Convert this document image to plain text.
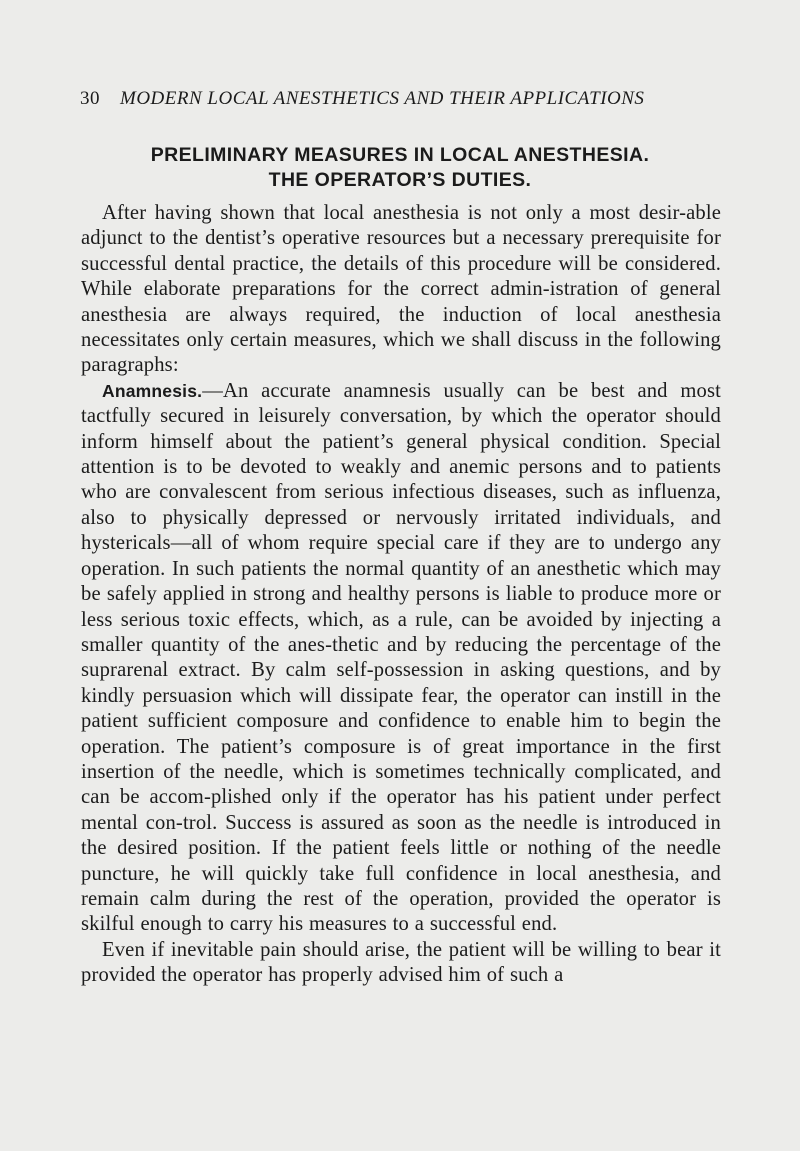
30 MODERN LOCAL ANESTHETICS AND THEIR APPLICATIONS
PRELIMINARY MEASURES IN LOCAL ANESTHESIA.
THE OPERATOR’S DUTIES.

After having shown that local anesthesia is not only a most desir-able adjunct to the dentist’s operative resources but a necessary prerequisite for successful dental practice, the details of this procedure will be considered. While elaborate preparations for the correct admin-istration of general anesthesia are always required, the induction of local anesthesia necessitates only certain measures, which we shall discuss in the following paragraphs:

Anamnesis.—An accurate anamnesis usually can be best and most tactfully secured in leisurely conversation, by which the operator should inform himself about the patient’s general physical condition. Special attention is to be devoted to weakly and anemic persons and to patients who are convalescent from serious infectious diseases, such as influenza, also to physically depressed or nervously irritated individuals, and hystericals—all of whom require special care if they are to undergo any operation. In such patients the normal quantity of an anesthetic which may be safely applied in strong and healthy persons is liable to produce more or less serious toxic effects, which, as a rule, can be avoided by injecting a smaller quantity of the anes-thetic and by reducing the percentage of the suprarenal extract. By calm self-possession in asking questions, and by kindly persuasion which will dissipate fear, the operator can instill in the patient sufficient composure and confidence to enable him to begin the operation. The patient’s composure is of great importance in the first insertion of the needle, which is sometimes technically complicated, and can be accom-plished only if the operator has his patient under perfect mental con-trol. Success is assured as soon as the needle is introduced in the desired position. If the patient feels little or nothing of the needle puncture, he will quickly take full confidence in local anesthesia, and remain calm during the rest of the operation, provided the operator is skilful enough to carry his measures to a successful end.

Even if inevitable pain should arise, the patient will be willing to bear it provided the operator has properly advised him of such a
